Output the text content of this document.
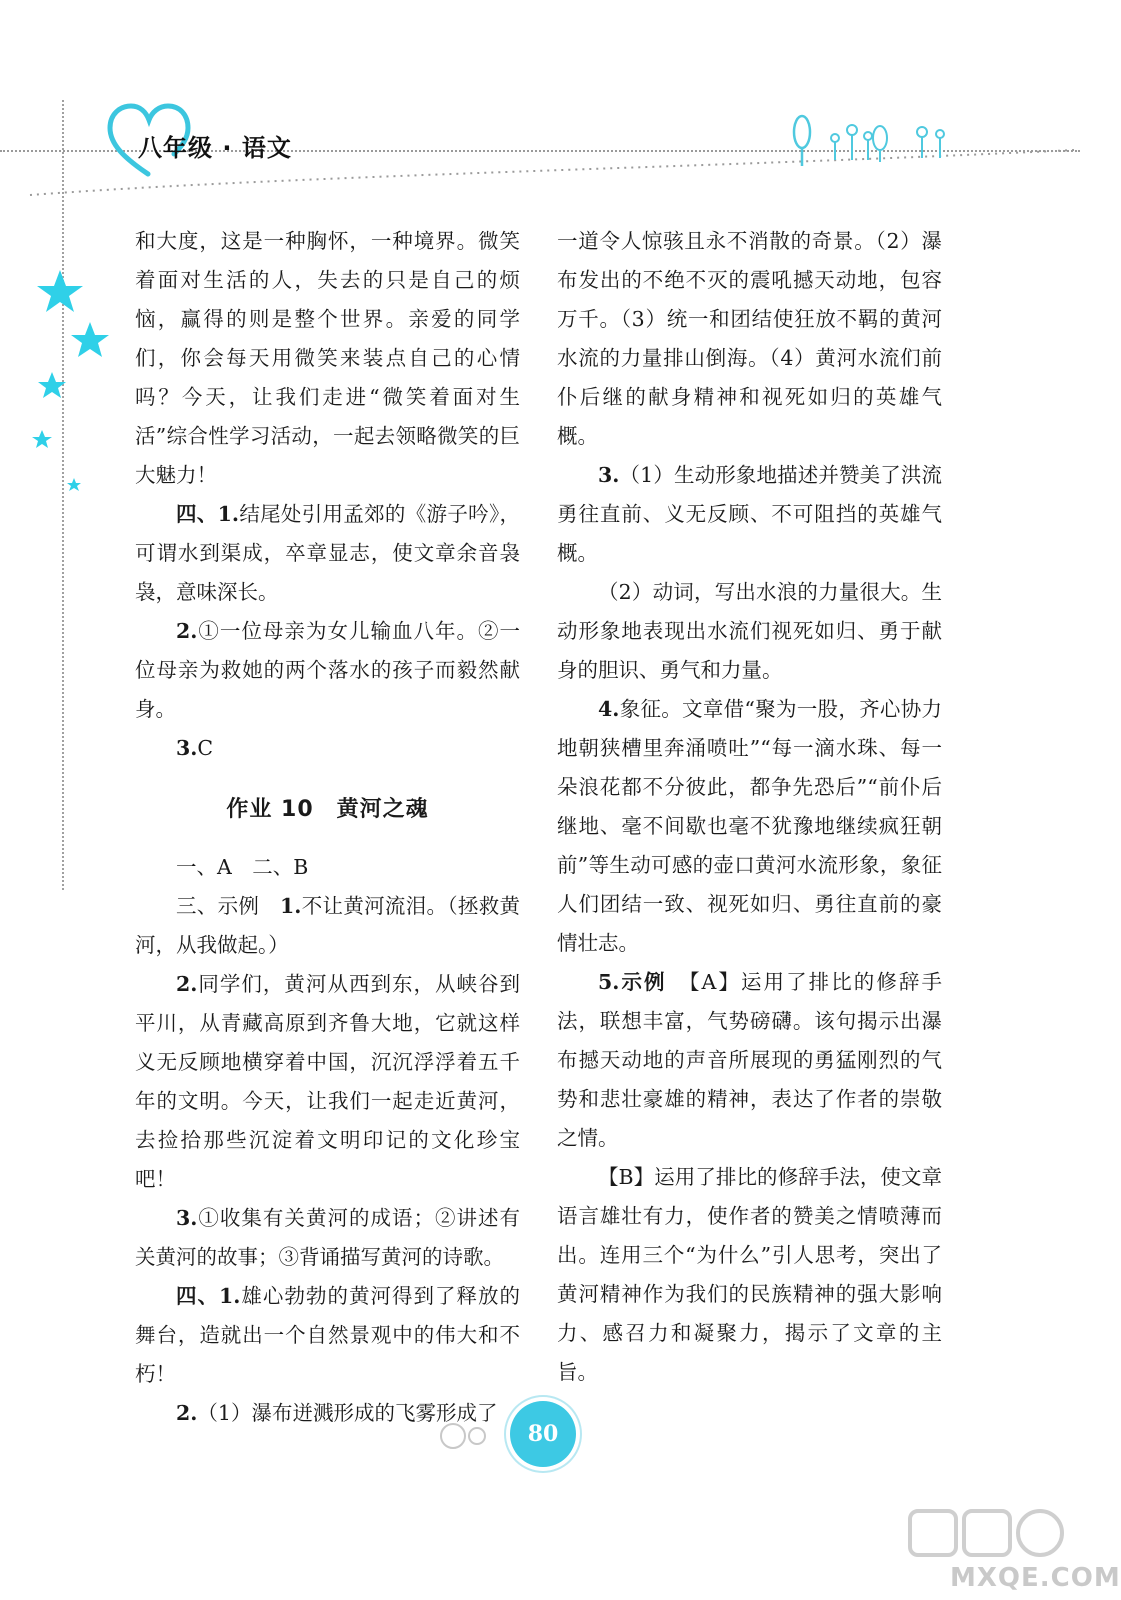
八年级 · 语文

和大度，这是一种胸怀，一种境界。微笑着面对生活的人，失去的只是自己的烦恼，赢得的则是整个世界。亲爱的同学们，你会每天用微笑来装点自己的心情吗？今天，让我们走进“微笑着面对生活”综合性学习活动，一起去领略微笑的巨大魅力！

四、1.结尾处引用孟郊的《游子吟》，可谓水到渠成，卒章显志，使文章余音袅袅，意味深长。

2.①一位母亲为女儿输血八年。②一位母亲为救她的两个落水的孩子而毅然献身。

3.C

作业 10　黄河之魂

一、A　二、B

三、示例　1.不让黄河流泪。（拯救黄河，从我做起。）

2.同学们，黄河从西到东，从峡谷到平川，从青藏高原到齐鲁大地，它就这样义无反顾地横穿着中国，沉沉浮浮着五千年的文明。今天，让我们一起走近黄河，去捡拾那些沉淀着文明印记的文化珍宝吧！

3.①收集有关黄河的成语；②讲述有关黄河的故事；③背诵描写黄河的诗歌。

四、1.雄心勃勃的黄河得到了释放的舞台，造就出一个自然景观中的伟大和不朽！

2.（1）瀑布迸溅形成的飞雾形成了

一道令人惊骇且永不消散的奇景。（2）瀑布发出的不绝不灭的震吼撼天动地，包容万千。（3）统一和团结使狂放不羁的黄河水流的力量排山倒海。（4）黄河水流们前仆后继的献身精神和视死如归的英雄气概。

3.（1）生动形象地描述并赞美了洪流勇往直前、义无反顾、不可阻挡的英雄气概。

（2）动词，写出水浪的力量很大。生动形象地表现出水流们视死如归、勇于献身的胆识、勇气和力量。

4.象征。文章借“聚为一股，齐心协力地朝狭槽里奔涌喷吐”“每一滴水珠、每一朵浪花都不分彼此，都争先恐后”“前仆后继地、毫不间歇也毫不犹豫地继续疯狂朝前”等生动可感的壶口黄河水流形象，象征人们团结一致、视死如归、勇往直前的豪情壮志。

5.示例　【A】运用了排比的修辞手法，联想丰富，气势磅礴。该句揭示出瀑布撼天动地的声音所展现的勇猛刚烈的气势和悲壮豪雄的精神，表达了作者的崇敬之情。

【B】运用了排比的修辞手法，使文章语言雄壮有力，使作者的赞美之情喷薄而出。连用三个“为什么”引人思考，突出了黄河精神作为我们的民族精神的强大影响力、感召力和凝聚力，揭示了文章的主旨。

80
MXQE.COM
